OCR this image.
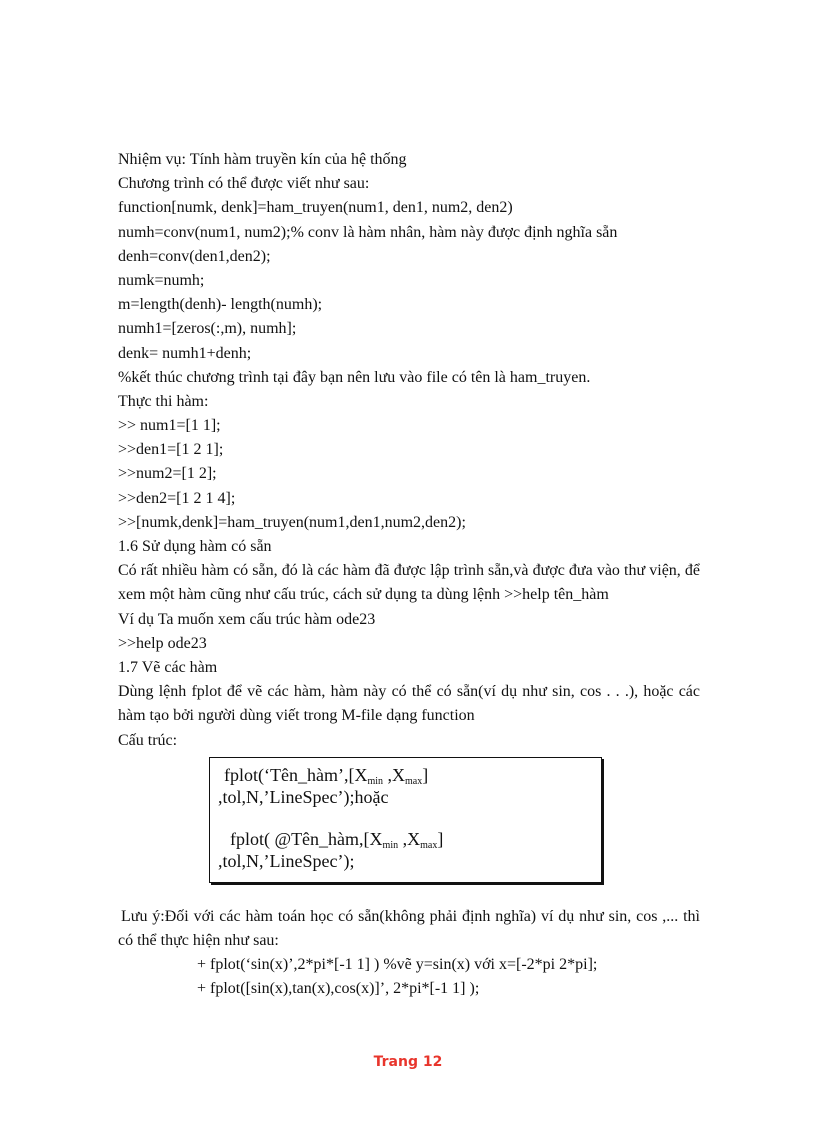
Nhiệm vụ: Tính hàm truyền kín của hệ thống
Chương trình có thể được viết như sau:
function[numk, denk]=ham_truyen(num1, den1, num2, den2)
numh=conv(num1, num2);% conv là hàm nhân, hàm này được định nghĩa sẵn
denh=conv(den1,den2);
numk=numh;
m=length(denh)- length(numh);
numh1=[zeros(:,m), numh];
denk= numh1+denh;
%kết thúc chương trình tại đây bạn nên lưu vào file có tên là ham_truyen.
Thực thi hàm:
>> num1=[1 1];
>>den1=[1 2 1];
>>num2=[1 2];
>>den2=[1 2 1 4];
>>[numk,denk]=ham_truyen(num1,den1,num2,den2);
1.6 Sử dụng hàm có sẵn
Có rất nhiều hàm có sẵn, đó là các hàm đã được lập trình sẵn,và được đưa vào thư viện, để
xem một hàm cũng như cấu trúc, cách sử dụng ta dùng lệnh >>help tên_hàm
Ví dụ Ta muốn xem cấu trúc hàm ode23
>>help ode23
1.7 Vẽ các hàm
Dùng lệnh fplot để vẽ các hàm, hàm này có thể có sẵn(ví dụ như sin, cos . . .), hoặc các
hàm tạo bởi người dùng viết trong M-file dạng function
Cấu trúc:
$fplot(‘Tên\_hàm’,[X_{min}$ $,X_{max}$]
,tol,N,’LineSpec’);hoặc
fplot( $@Tên\_hàm,[X_{min}$ $,X_{max}$]
,tol,N,’LineSpec’);
Lưu ý:Đối với các hàm toán học có sẵn(không phải định nghĩa) ví dụ như sin, cos ,... thì
có thể thực hiện như sau:
+ fplot(‘sin(x)’,2*pi*[-1 1] ) %vẽ y=sin(x) với x=[-2*pi 2*pi];
+ fplot([sin(x),tan(x),cos(x)]’, 2*pi*[-1 1] );
Trang 12
